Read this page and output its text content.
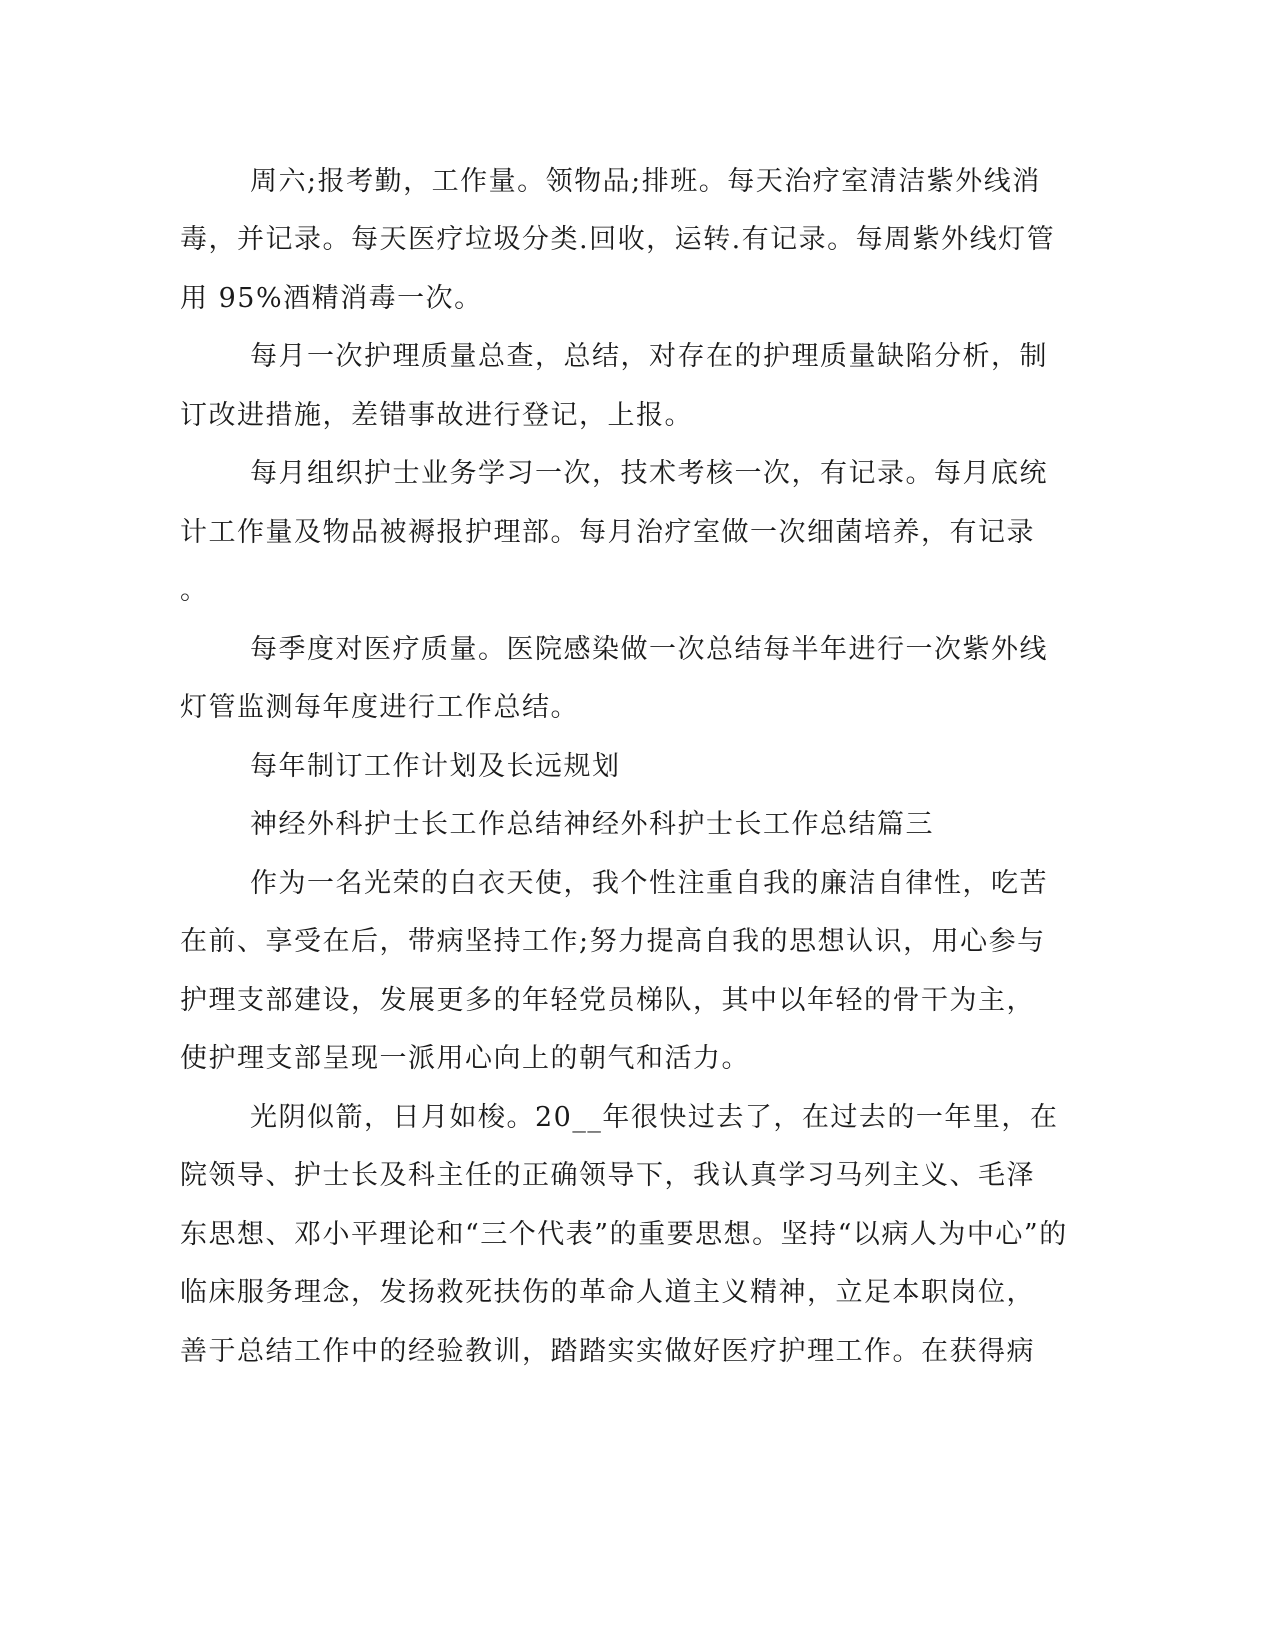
周六;报考勤，工作量。领物品;排班。每天治疗室清洁紫外线消
毒，并记录。每天医疗垃圾分类.回收，运转.有记录。每周紫外线灯管
用 95%酒精消毒一次。
每月一次护理质量总查，总结，对存在的护理质量缺陷分析，制
订改进措施，差错事故进行登记，上报。
每月组织护士业务学习一次，技术考核一次，有记录。每月底统
计工作量及物品被褥报护理部。每月治疗室做一次细菌培养，有记录
。
每季度对医疗质量。医院感染做一次总结每半年进行一次紫外线
灯管监测每年度进行工作总结。
每年制订工作计划及长远规划
神经外科护士长工作总结神经外科护士长工作总结篇三
作为一名光荣的白衣天使，我个性注重自我的廉洁自律性，吃苦
在前、享受在后，带病坚持工作;努力提高自我的思想认识，用心参与
护理支部建设，发展更多的年轻党员梯队，其中以年轻的骨干为主，
使护理支部呈现一派用心向上的朝气和活力。
光阴似箭，日月如梭。20__年很快过去了，在过去的一年里，在
院领导、护士长及科主任的正确领导下，我认真学习马列主义、毛泽
东思想、邓小平理论和“三个代表”的重要思想。坚持“以病人为中心”的
临床服务理念，发扬救死扶伤的革命人道主义精神，立足本职岗位，
善于总结工作中的经验教训，踏踏实实做好医疗护理工作。在获得病
